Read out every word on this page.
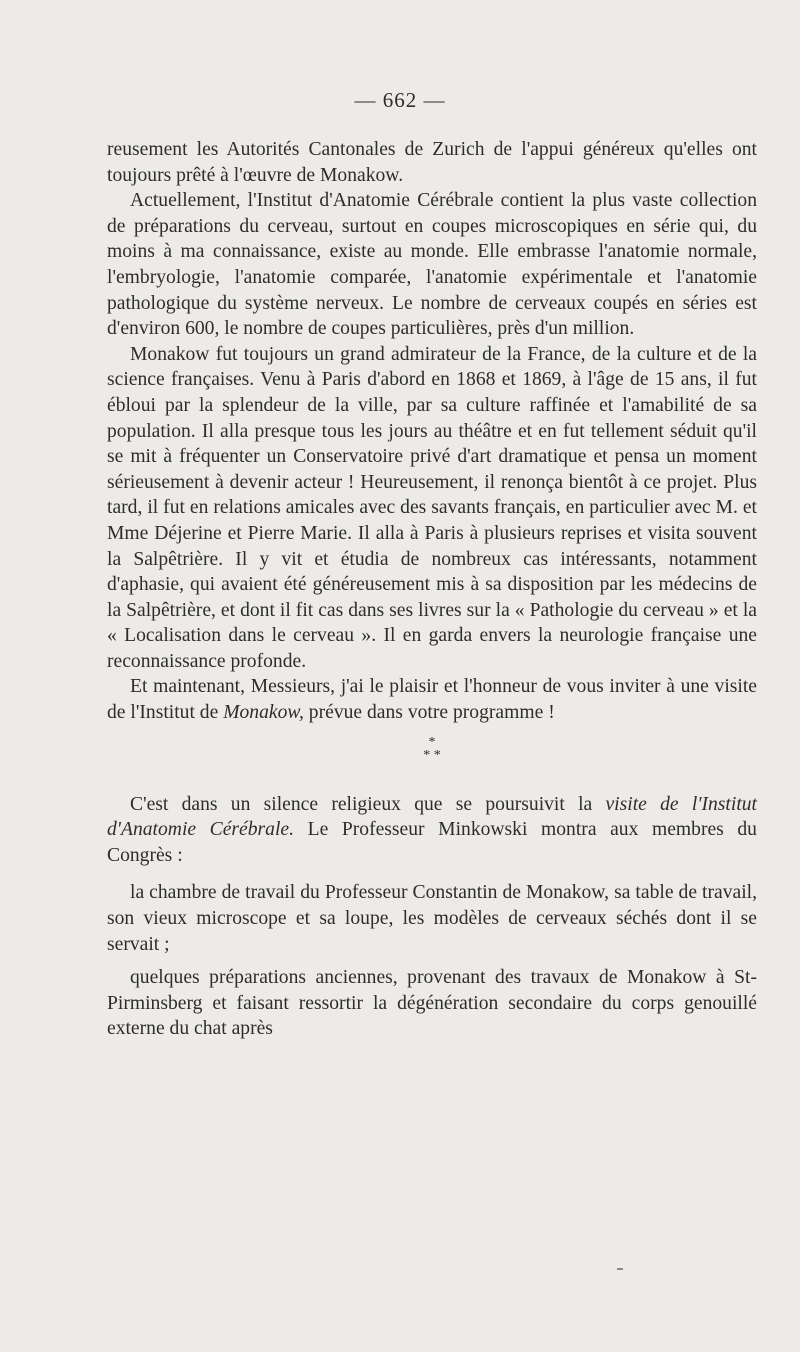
— 662 —

reusement les Autorités Cantonales de Zurich de l'appui généreux qu'elles ont toujours prêté à l'œuvre de Monakow.

Actuellement, l'Institut d'Anatomie Cérébrale contient la plus vaste collection de préparations du cerveau, surtout en coupes microscopiques en série qui, du moins à ma connaissance, existe au monde. Elle embrasse l'anatomie normale, l'embryologie, l'anatomie comparée, l'anatomie expérimentale et l'anatomie pathologique du système nerveux. Le nombre de cerveaux coupés en séries est d'environ 600, le nombre de coupes particulières, près d'un million.

Monakow fut toujours un grand admirateur de la France, de la culture et de la science françaises. Venu à Paris d'abord en 1868 et 1869, à l'âge de 15 ans, il fut ébloui par la splendeur de la ville, par sa culture raffinée et l'amabilité de sa population. Il alla presque tous les jours au théâtre et en fut tellement séduit qu'il se mit à fréquenter un Conservatoire privé d'art dramatique et pensa un moment sérieusement à devenir acteur ! Heureusement, il renonça bientôt à ce projet. Plus tard, il fut en relations amicales avec des savants français, en particulier avec M. et Mme Déjerine et Pierre Marie. Il alla à Paris à plusieurs reprises et visita souvent la Salpêtrière. Il y vit et étudia de nombreux cas intéressants, notamment d'aphasie, qui avaient été généreusement mis à sa disposition par les médecins de la Salpêtrière, et dont il fit cas dans ses livres sur la « Pathologie du cerveau » et la « Localisation dans le cerveau ». Il en garda envers la neurologie française une reconnaissance profonde.

Et maintenant, Messieurs, j'ai le plaisir et l'honneur de vous inviter à une visite de l'Institut de Monakow, prévue dans votre programme !

*
* *

C'est dans un silence religieux que se poursuivit la visite de l'Institut d'Anatomie Cérébrale. Le Professeur Minkowski montra aux membres du Congrès :

la chambre de travail du Professeur Constantin de Monakow, sa table de travail, son vieux microscope et sa loupe, les modèles de cerveaux séchés dont il se servait ;

quelques préparations anciennes, provenant des travaux de Monakow à St-Pirminsberg et faisant ressortir la dégénération secondaire du corps genouillé externe du chat après
